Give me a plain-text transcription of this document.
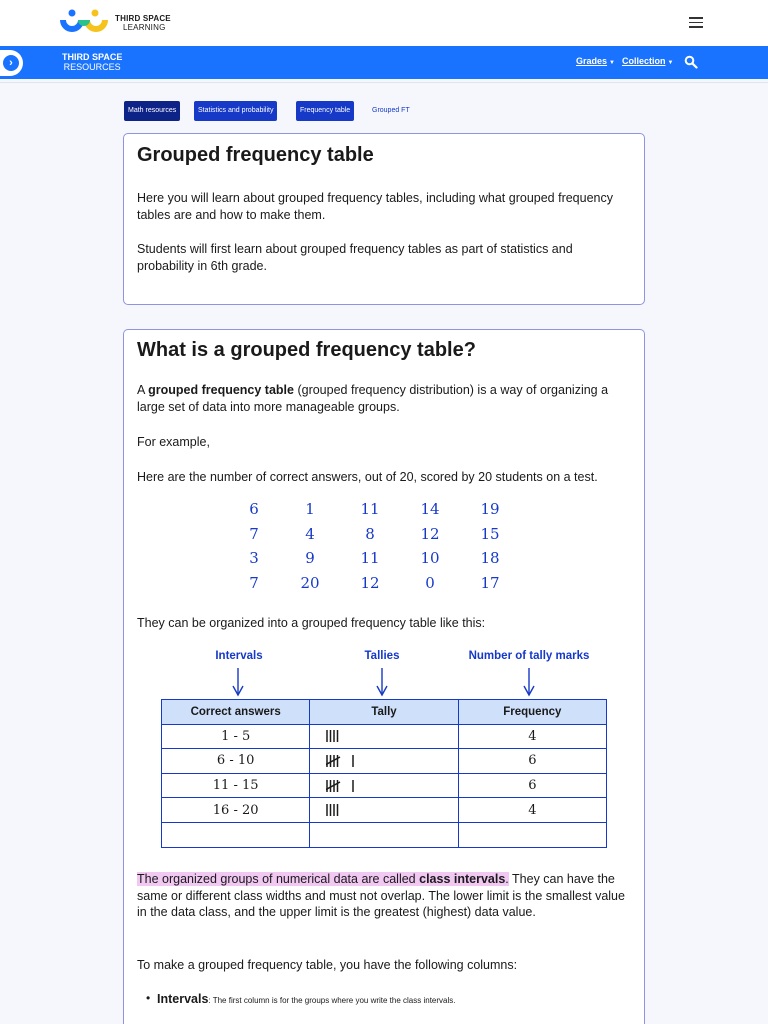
THIRD SPACE
LEARNING
›	THIRD SPACE
RESOURCES
Grades ▼ Collection ▼
Math resources	Statistics and probability	Frequency table	Grouped FT
Grouped frequency table
Here you will learn about grouped frequency tables, including what grouped frequency tables are and how to make them.
Students will first learn about grouped frequency tables as part of statistics and probability in 6th grade.
What is a grouped frequency table?
A grouped frequency table (grouped frequency distribution) is a way of organizing a large set of data into more manageable groups.
For example,
Here are the number of correct answers, out of 20, scored by 20 students on a test.
6	1	11	14	19
7	4	8	12	15
3	9	11	10	18
7	20	12	0	17
They can be organized into a grouped frequency table like this:
Intervals	Tallies	Number of tally marks
Correct answers	Tally	Frequency
1 - 5		4
6 - 10		6
11 - 15		6
16 - 20		4

The organized groups of numerical data are called class intervals. They can have the same or different class widths and must not overlap. The lower limit is the smallest value in the data class, and the upper limit is the greatest (highest) data value.
To make a grouped frequency table, you have the following columns:
• Intervals: The first column is for the groups where you write the class intervals.
